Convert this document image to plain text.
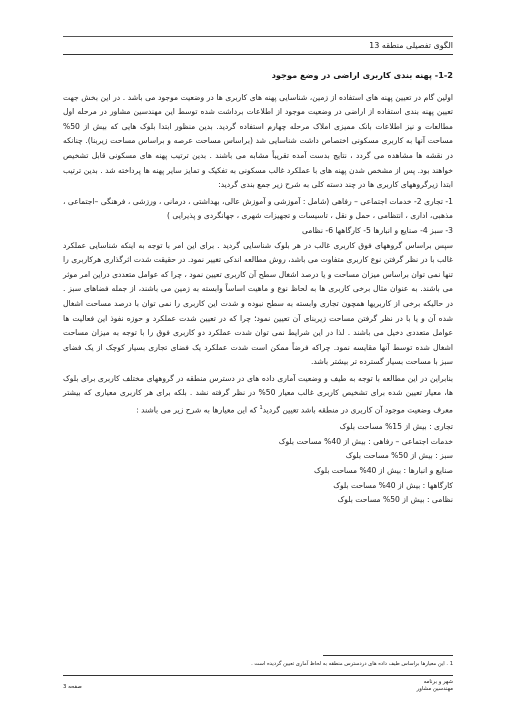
الگوی تفصیلی منطقه 13
1-2- پهنه بندی کاربری اراضی در وضع موجود

اولین گام در تعیین پهنه های استفاده از زمین، شناسایی پهنه های کاربری ها در وضعیت موجود می باشد . در این بخش جهت تعیین پهنه بندی استفاده از اراضی در وضعیت موجود از اطلاعات برداشت شده توسط این مهندسین مشاور در مرحله اول مطالعات و نیز اطلاعات بانک ممیزی املاک مرحله چهارم استفاده گردید. بدین منظور ابتدا بلوک هایی که بیش از 50% مساحت آنها به کاربری مسکونی اختصاص داشت شناسایی شد (براساس مساحت عرصه و براساس مساحت زیربنا). چنانکه در نقشه ها مشاهده می گردد ، نتایج بدست آمده تقریباً مشابه می باشند . بدین ترتیب پهنه های مسکونی قابل تشخیص خواهند بود. پس از مشخص شدن پهنه های با عملکرد غالب مسکونی به تفکیک و تمایز سایر پهنه ها پرداخته شد . بدین ترتیب ابتدا زیرگروههای کاربری ها در چند دسته کلی به شرح زیر جمع بندی گردید:

1- تجاری 2- خدمات اجتماعی – رفاهی (شامل : آموزشی و آموزش عالی، بهداشتی ، درمانی ، ورزشی ، فرهنگی –اجتماعی ، مذهبی، اداری ، انتظامی ، حمل و نقل ، تاسیسات و تجهیزات شهری ، جهانگردی و پذیرایی )

3- سبز 4- صنایع و انبارها 5- کارگاهها 6- نظامی

سپس براساس گروههای فوق کاربری غالب در هر بلوک شناسایی گردید . برای این امر با توجه به اینکه شناسایی عملکرد غالب با در نظر گرفتن نوع کاربری متفاوت می باشد، روش مطالعه اندکی تغییر نمود. در حقیقت شدت اثرگذاری هرکاربری را تنها نمی توان براساس میزان مساحت و یا درصد اشغال سطح آن کاربری تعیین نمود ، چرا که عوامل متعددی دراین امر موثر می باشند. به عنوان مثال برخی کاربری ها به لحاظ نوع و ماهیت اساساً وابسته به زمین می باشند، از جمله فضاهای سبز . در حالیکه برخی از کاربریها همچون تجاری وابسته به سطح نبوده و شدت این کاربری را نمی توان با درصد مساحت اشغال شده آن و یا با در نظر گرفتن مساحت زیربنای آن تعیین نمود؛ چرا که در تعیین شدت عملکرد و حوزه نفوذ این فعالیت ها عوامل متعددی دخیل می باشند . لذا در این شرایط نمی توان شدت عملکرد دو کاربری فوق را با توجه به میزان مساحت اشغال شده توسط آنها مقایسه نمود. چراکه فرضاً ممکن است شدت عملکرد یک فضای تجاری بسیار کوچک از یک فضای سبز با مساحت بسیار گسترده تر بیشتر باشد.

بنابراین در این مطالعه با توجه به طیف و وضعیت آماری داده های در دسترس منطقه در گروههای مختلف کاربری برای بلوک ها، معیار تعیین شده برای تشخیص کاربری غالب معیار 50% در نظر گرفته نشد . بلکه برای هر کاربری معیاری که بیشتر معرف وضعیت موجود آن کاربری در منطقه باشد تعیین گردید$^1$ که این معیارها به شرح زیر می باشند :

تجاری : بیش از 15% مساحت بلوک
خدمات اجتماعی – رفاهی : بیش از 40% مساحت بلوک
سبز : بیش از 50% مساحت بلوک
صنایع و انبارها : بیش از 40% مساحت بلوک
کارگاهها : بیش از 40% مساحت بلوک
نظامی : بیش از 50% مساحت بلوک
1 . این معیارها براساس طیف داده های دردسترس منطقه به لحاظ آماری تعیین گردیده است .
شهر و برنامه
مهندسین مشاور
صفحه 3
